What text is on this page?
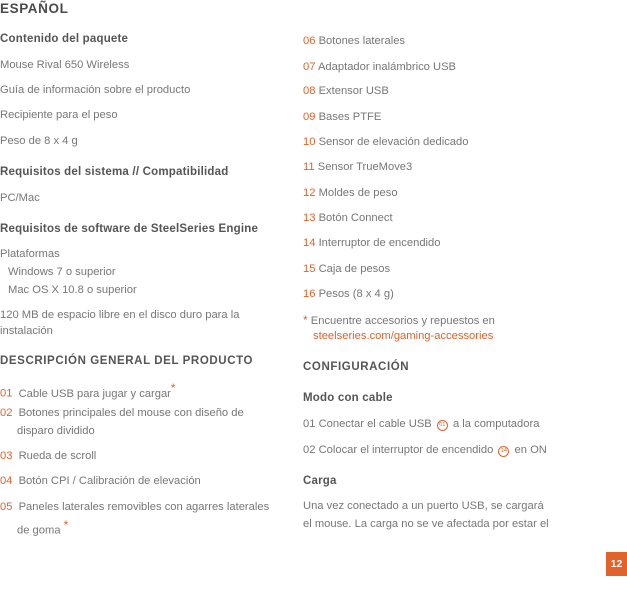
ESPAÑOL
Contenido del paquete
Mouse Rival 650 Wireless
Guía de información sobre el producto
Recipiente para el peso
Peso de 8 x 4 g
Requisitos del sistema // Compatibilidad
PC/Mac
Requisitos de software de SteelSeries Engine
Plataformas
Windows 7 o superior
Mac OS X 10.8 o superior
120 MB de espacio libre en el disco duro para la
instalación
DESCRIPCIÓN GENERAL DEL PRODUCTO
01 Cable USB para jugar y cargar*
02 Botones principales del mouse con diseño de
disparo dividido
03 Rueda de scroll
04 Botón CPI / Calibración de elevación
05 Paneles laterales removibles con agarres laterales
de goma *
06 Botones laterales
07 Adaptador inalámbrico USB
08 Extensor USB
09 Bases PTFE
10 Sensor de elevación dedicado
11 Sensor TrueMove3
12 Moldes de peso
13 Botón Connect
14 Interruptor de encendido
15 Caja de pesos
16 Pesos (8 x 4 g)
* Encuentre accesorios y repuestos en
steelseries.com/gaming-accessories
CONFIGURACIÓN
Modo con cable
01 Conectar el cable USB 01 a la computadora
02 Colocar el interruptor de encendido 14 en ON
Carga
Una vez conectado a un puerto USB, se cargará
el mouse. La carga no se ve afectada por estar el
12
